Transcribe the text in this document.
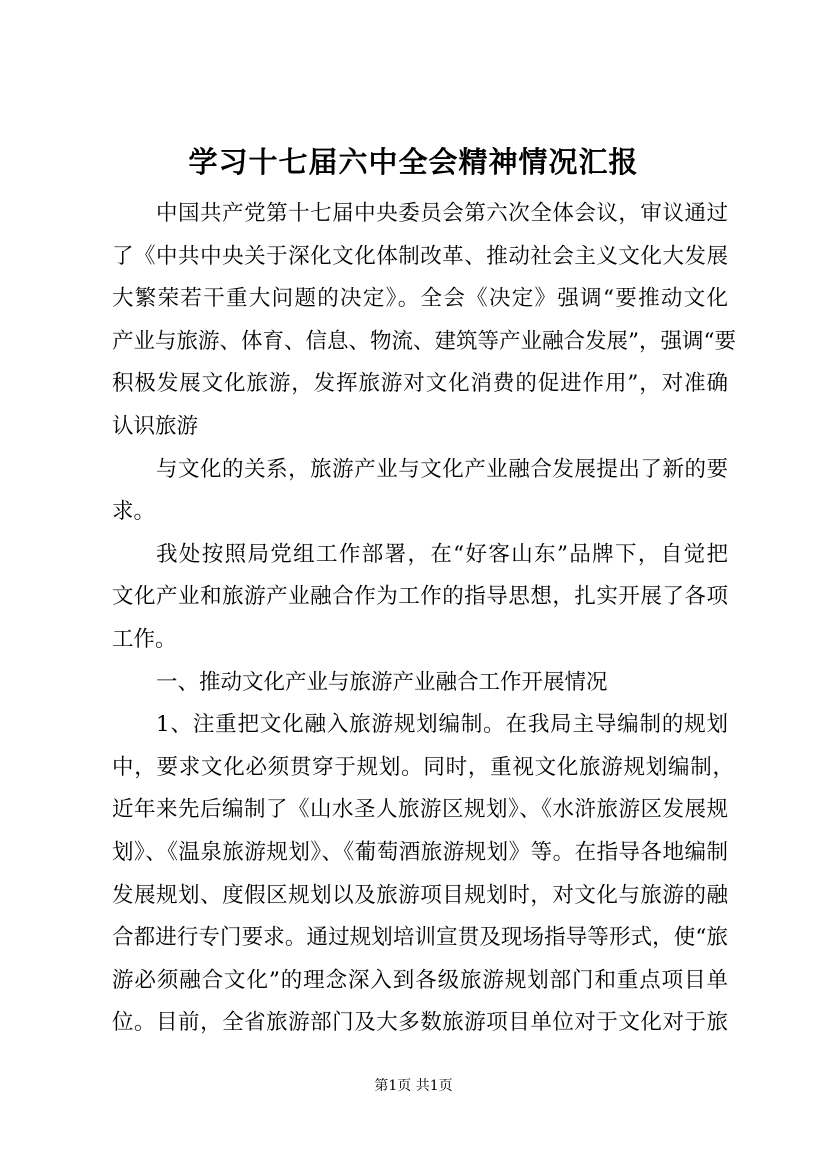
学习十七届六中全会精神情况汇报
中国共产党第十七届中央委员会第六次全体会议，审议通过
了《中共中央关于深化文化体制改革、推动社会主义文化大发展
大繁荣若干重大问题的决定》。全会《决定》强调“要推动文化
产业与旅游、体育、信息、物流、建筑等产业融合发展”，强调“要
积极发展文化旅游，发挥旅游对文化消费的促进作用”，对准确
认识旅游
与文化的关系，旅游产业与文化产业融合发展提出了新的要
求。
我处按照局党组工作部署，在“好客山东”品牌下，自觉把
文化产业和旅游产业融合作为工作的指导思想，扎实开展了各项
工作。
一、推动文化产业与旅游产业融合工作开展情况
1、注重把文化融入旅游规划编制。在我局主导编制的规划
中，要求文化必须贯穿于规划。同时，重视文化旅游规划编制，
近年来先后编制了《山水圣人旅游区规划》、《水浒旅游区发展规
划》、《温泉旅游规划》、《葡萄酒旅游规划》等。在指导各地编制
发展规划、度假区规划以及旅游项目规划时，对文化与旅游的融
合都进行专门要求。通过规划培训宣贯及现场指导等形式，使“旅
游必须融合文化”的理念深入到各级旅游规划部门和重点项目单
位。目前，全省旅游部门及大多数旅游项目单位对于文化对于旅
第1页 共1页
